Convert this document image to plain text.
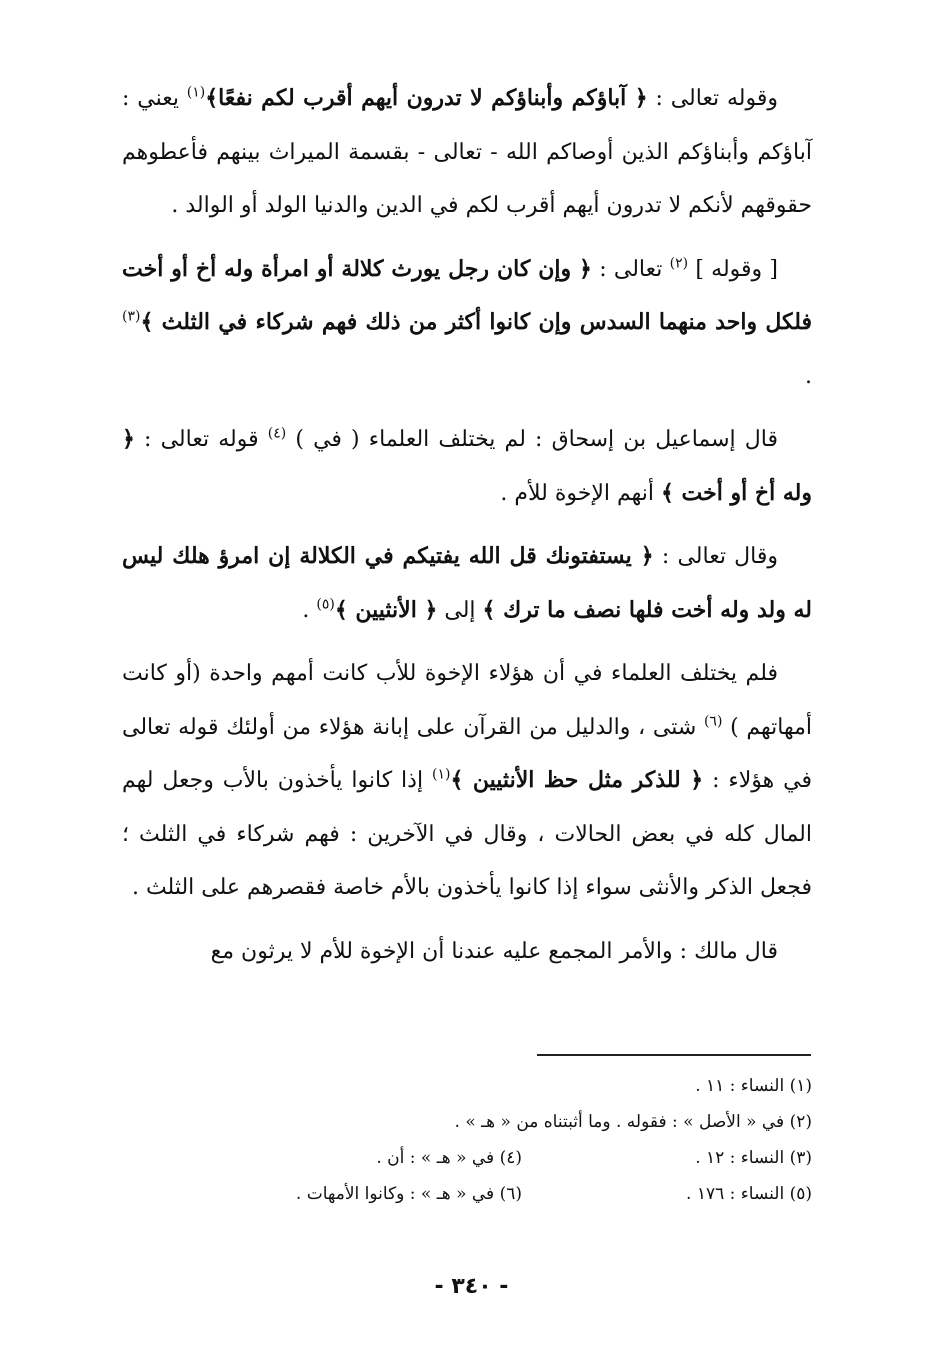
وقوله تعالى : ﴿ آباؤكم وأبناؤكم لا تدرون أيهم أقرب لكم نفعًا﴾$^{(١)}$ يعني : آباؤكم وأبناؤكم الذين أوصاكم الله - تعالى - بقسمة الميراث بينهم فأعطوهم حقوقهم لأنكم لا تدرون أيهم أقرب لكم في الدين والدنيا الولد أو الوالد .

[ وقوله ] $^{(٢)}$ تعالى : ﴿ وإن كان رجل يورث كلالة أو امرأة وله أخ أو أخت فلكل واحد منهما السدس وإن كانوا أكثر من ذلك فهم شركاء في الثلث ﴾$^{(٣)}$ .

قال إسماعيل بن إسحاق : لم يختلف العلماء ( في ) $^{(٤)}$ قوله تعالى : ﴿ وله أخ أو أخت ﴾ أنهم الإخوة للأم .

وقال تعالى : ﴿ يستفتونك قل الله يفتيكم في الكلالة إن امرؤ هلك ليس له ولد وله أخت فلها نصف ما ترك ﴾ إلى ﴿ الأنثيين ﴾$^{(٥)}$ .

فلم يختلف العلماء في أن هؤلاء الإخوة للأب كانت أمهم واحدة (أو كانت أمهاتهم ) $^{(٦)}$ شتى ، والدليل من القرآن على إبانة هؤلاء من أولئك قوله تعالى في هؤلاء : ﴿ للذكر مثل حظ الأنثيين ﴾$^{(١)}$ إذا كانوا يأخذون بالأب وجعل لهم المال كله في بعض الحالات ، وقال في الآخرين : فهم شركاء في الثلث ؛ فجعل الذكر والأنثى سواء إذا كانوا يأخذون بالأم خاصة فقصرهم على الثلث .

قال مالك : والأمر المجمع عليه عندنا أن الإخوة للأم لا يرثون مع

(١) النساء : ١١ .
(٢) في « الأصل » : فقوله . وما أثبتناه من « هـ » .
(٣) النساء : ١٢ .
(٤) في « هـ » : أن .
(٥) النساء : ١٧٦ .
(٦) في « هـ » : وكانوا الأمهات .
- ٣٤٠ -
